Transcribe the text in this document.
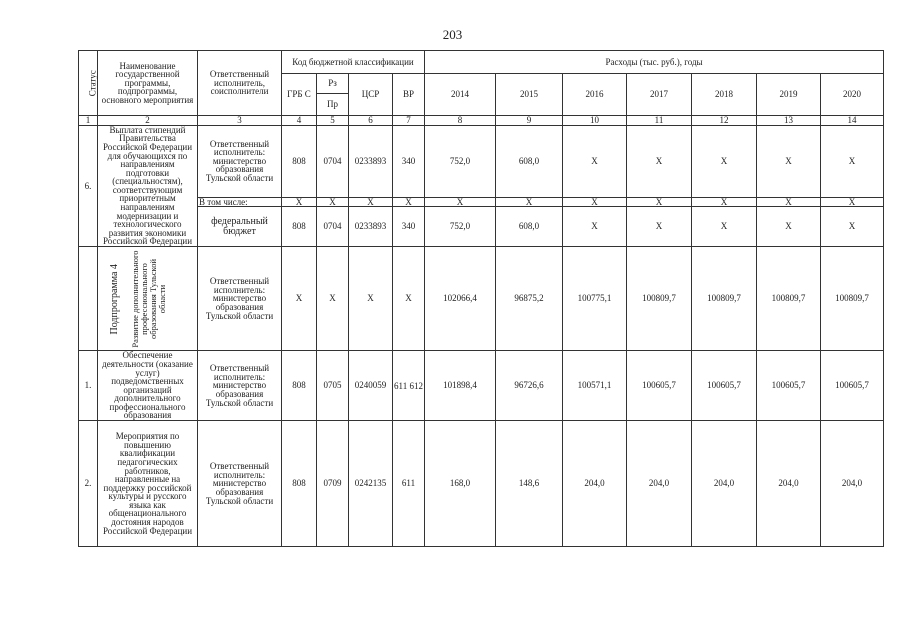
203
Статус	Наименование государственной программы, подпрограммы, основного мероприятия	Ответственный исполнитель, соисполнители	Код бюджетной классификации				Расходы (тыс. руб.), годы						
			ГРБ С	Рз	ЦСР	ВР	2014	2015	2016	2017	2018	2019	2020
				Пр									
1	2	3	4	5	6	7	8	9	10	11	12	13	14
6.	Выплата стипендий Правительства Российской Федерации для обучающихся по направлениям подготовки (специальностям), соответствующим приоритетным направлениям модернизации и технологического развития экономики Российской Федерации	Ответственный исполнитель: министерство образования Тульской области	808	0704	0233893	340	752,0	608,0	X	X	X	X	X
		В том числе:	X	X	X	X	X	X	X	X	X	X	X
		федеральный бюджет	808	0704	0233893	340	752,0	608,0	X	X	X	X	X
Подпрограмма 4	Развитие дополнительного профессионального образования Тульской области	Ответственный исполнитель: министерство образования Тульской области	X	X	X	X	102066,4	96875,2	100775,1	100809,7	100809,7	100809,7	100809,7
1.	Обеспечение деятельности (оказание услуг) подведомственных организаций дополнительного профессионального образования	Ответственный исполнитель: министерство образования Тульской области	808	0705	0240059	611 612	101898,4	96726,6	100571,1	100605,7	100605,7	100605,7	100605,7
2.	Мероприятия по повышению квалификации педагогических работников, направленные на поддержку российской культуры и русского языка как общенационального достояния народов Российской Федерации	Ответственный исполнитель: министерство образования Тульской области	808	0709	0242135	611	168,0	148,6	204,0	204,0	204,0	204,0	204,0
